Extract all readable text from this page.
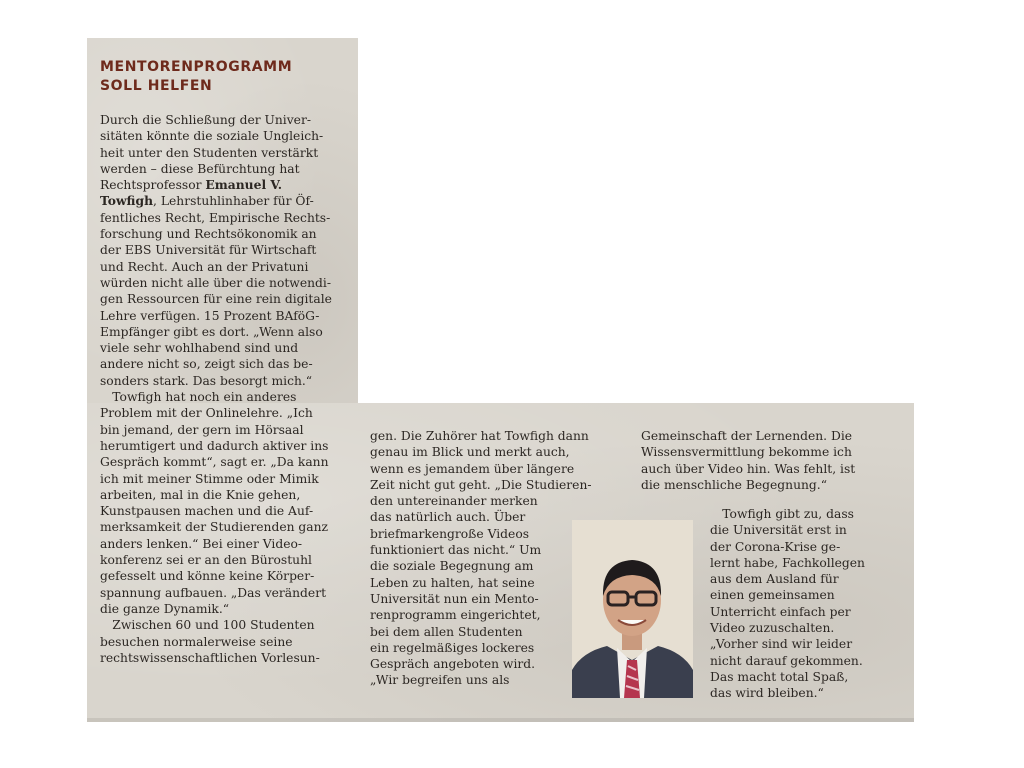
MENTORENPROGRAMM
SOLL HELFEN
Durch die Schließung der Univer-
sitäten könnte die soziale Ungleich-
heit unter den Studenten verstärkt
werden – diese Befürchtung hat
Rechtsprofessor Emanuel V.
Towfigh, Lehrstuhlinhaber für Öf-
fentliches Recht, Empirische Rechts-
forschung und Rechtsökonomik an
der EBS Universität für Wirtschaft
und Recht. Auch an der Privatuni
würden nicht alle über die notwendi-
gen Ressourcen für eine rein digitale
Lehre verfügen. 15 Prozent BAföG-
Empfänger gibt es dort. „Wenn also
viele sehr wohlhabend sind und
andere nicht so, zeigt sich das be-
sonders stark. Das besorgt mich.“
 Towfigh hat noch ein anderes
Problem mit der Onlinelehre. „Ich
bin jemand, der gern im Hörsaal
herumtigert und dadurch aktiver ins
Gespräch kommt“, sagt er. „Da kann
ich mit meiner Stimme oder Mimik
arbeiten, mal in die Knie gehen,
Kunstpausen machen und die Auf-
merksamkeit der Studierenden ganz
anders lenken.“ Bei einer Video-
konferenz sei er an den Bürostuhl
gefesselt und könne keine Körper-
spannung aufbauen. „Das verändert
die ganze Dynamik.“
 Zwischen 60 und 100 Studenten
besuchen normalerweise seine
rechtswissenschaftlichen Vorlesun-
gen. Die Zuhörer hat Towfigh dann
genau im Blick und merkt auch,
wenn es jemandem über längere
Zeit nicht gut geht. „Die Studieren-
den untereinander merken
das natürlich auch. Über
briefmarkengroße Videos
funktioniert das nicht.“ Um
die soziale Begegnung am
Leben zu halten, hat seine
Universität nun ein Mento-
renprogramm eingerichtet,
bei dem allen Studenten
ein regelmäßiges lockeres
Gespräch angeboten wird.
„Wir begreifen uns als
Gemeinschaft der Lernenden. Die
Wissensvermittlung bekomme ich
auch über Video hin. Was fehlt, ist
die menschliche Begegnung.“
 Towfigh gibt zu, dass
die Universität erst in
der Corona-Krise ge-
lernt habe, Fachkollegen
aus dem Ausland für
einen gemeinsamen
Unterricht einfach per
Video zuzuschalten.
„Vorher sind wir leider
nicht darauf gekommen.
Das macht total Spaß,
das wird bleiben.“
